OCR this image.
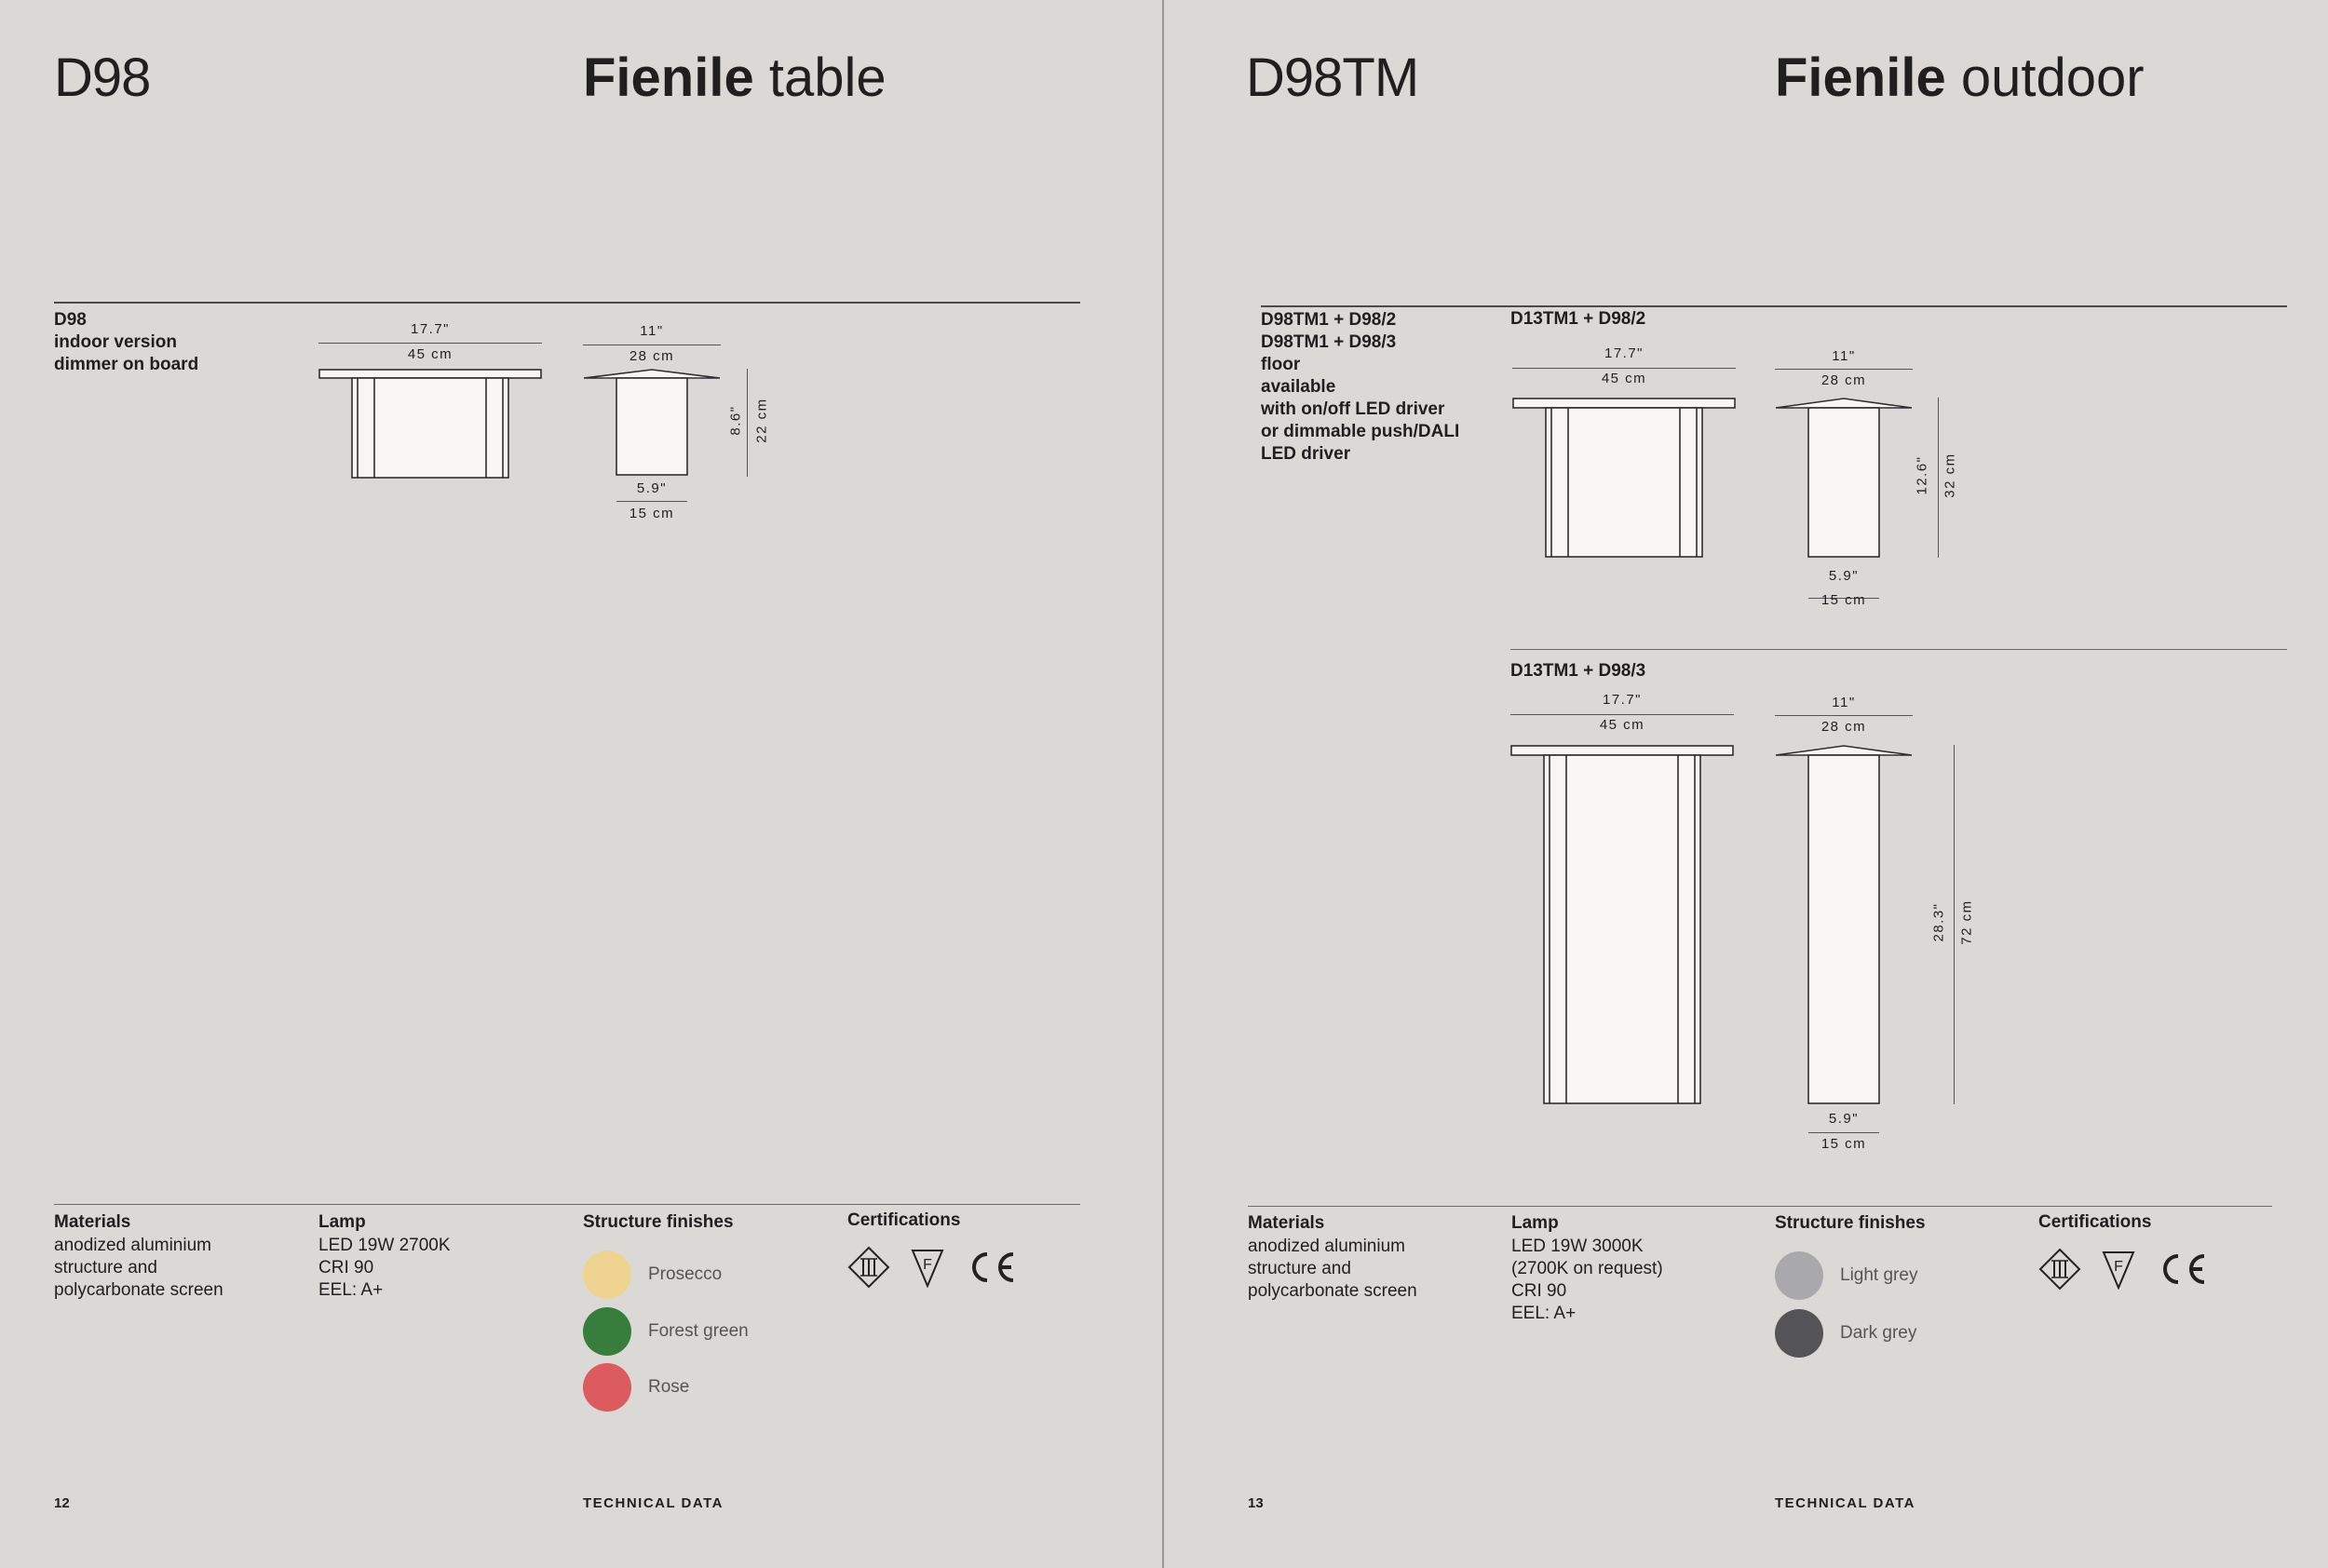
D98	Fienile table
D98
indoor version
dimmer on board
17.7"
45 cm
11"
28 cm
8.6" 22 cm
5.9"
15 cm
Materials
anodized aluminium
structure and
polycarbonate screen
Lamp
LED 19W 2700K
CRI 90
EEL: A+
Structure finishes
Prosecco
Forest green
Rose
Certifications
F
12	TECHNICAL DATA
D98TM	Fienile outdoor
D98TM1 + D98/2
D98TM1 + D98/3
floor
available
with on/off LED driver
or dimmable push/DALI
LED driver
D13TM1 + D98/2
17.7"
45 cm
11"
28 cm
12.6" 32 cm
5.9"
15 cm
D13TM1 + D98/3
17.7"
45 cm
11"
28 cm
28.3" 72 cm
5.9"
15 cm
Materials
anodized aluminium
structure and
polycarbonate screen
Lamp
LED 19W 3000K
(2700K on request)
CRI 90
EEL: A+
Structure finishes
Light grey
Dark grey
Certifications
F
13	TECHNICAL DATA
